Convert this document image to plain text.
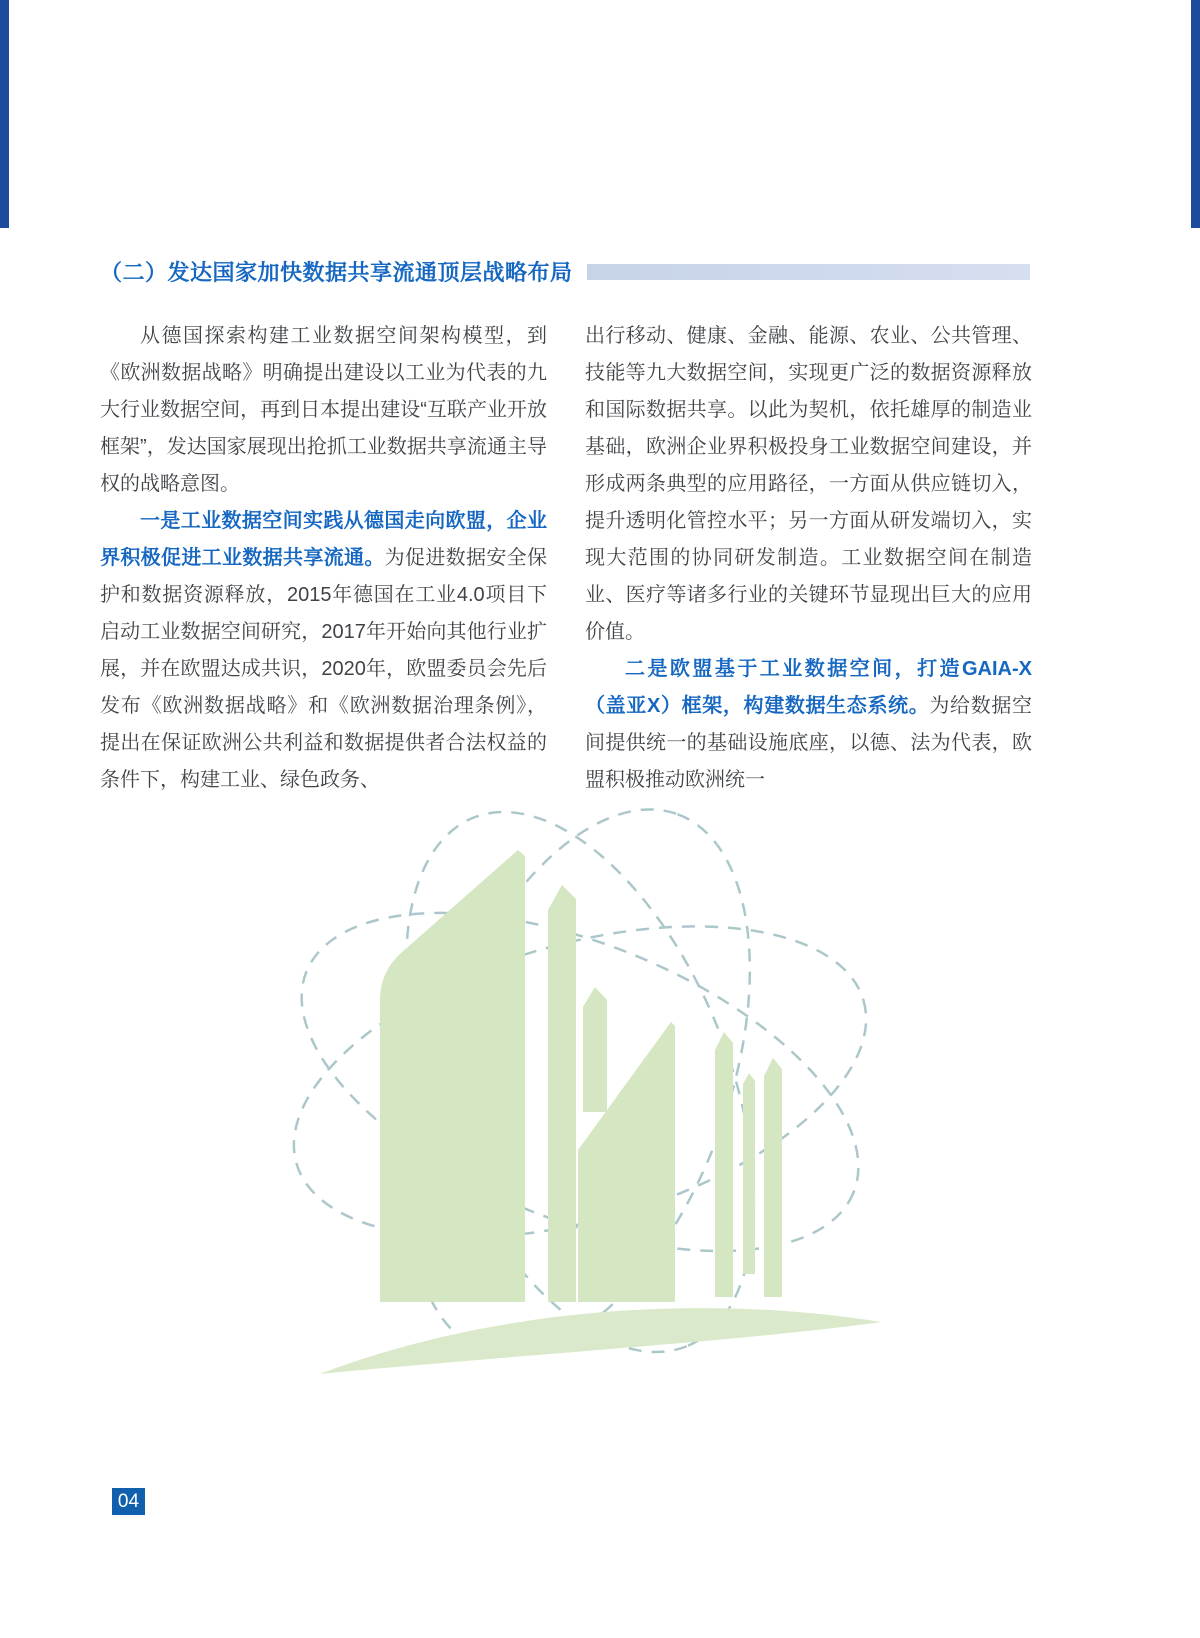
（二）发达国家加快数据共享流通顶层战略布局

从德国探索构建工业数据空间架构模型，到《欧洲数据战略》明确提出建设以工业为代表的九大行业数据空间，再到日本提出建设“互联产业开放框架”，发达国家展现出抢抓工业数据共享流通主导权的战略意图。

一是工业数据空间实践从德国走向欧盟，企业界积极促进工业数据共享流通。为促进数据安全保护和数据资源释放，2015年德国在工业4.0项目下启动工业数据空间研究，2017年开始向其他行业扩展，并在欧盟达成共识，2020年，欧盟委员会先后发布《欧洲数据战略》和《欧洲数据治理条例》，提出在保证欧洲公共利益和数据提供者合法权益的条件下，构建工业、绿色政务、

出行移动、健康、金融、能源、农业、公共管理、技能等九大数据空间，实现更广泛的数据资源释放和国际数据共享。以此为契机，依托雄厚的制造业基础，欧洲企业界积极投身工业数据空间建设，并形成两条典型的应用路径，一方面从供应链切入，提升透明化管控水平；另一方面从研发端切入，实现大范围的协同研发制造。工业数据空间在制造业、医疗等诸多行业的关键环节显现出巨大的应用价值。

二是欧盟基于工业数据空间，打造GAIA-X（盖亚X）框架，构建数据生态系统。为给数据空间提供统一的基础设施底座，以德、法为代表，欧盟积极推动欧洲统一

04
